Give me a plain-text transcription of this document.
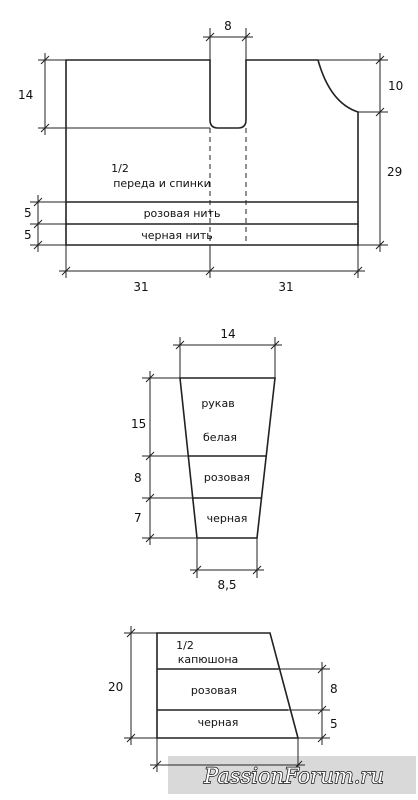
8
14
10
29
5
5
31	31
1/2
переда и спинки
розовая нить
черная нить
14
8,5
15
8
7
рукав
белая
розовая
черная
20	8
5
1/2
капюшона
розовая
черная
PassionForum.ru
